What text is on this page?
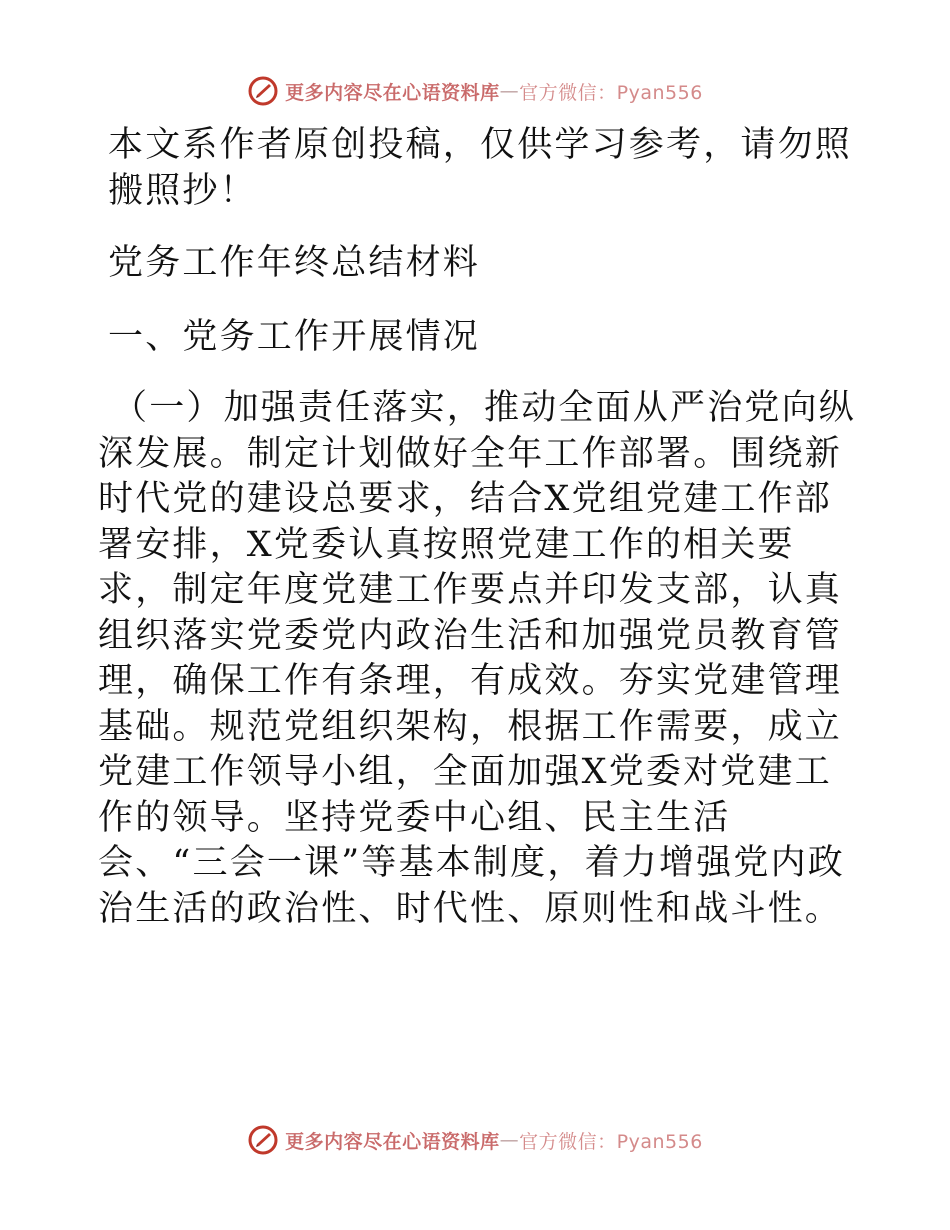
更多内容尽在心语资料库 — 官方微信：Pyan556

本文系作者原创投稿，仅供学习参考，请勿照搬照抄！

党务工作年终总结材料

一、党务工作开展情况

（一）加强责任落实，推动全面从严治党向纵深发展。制定计划做好全年工作部署。围绕新时代党的建设总要求，结合X党组党建工作部署安排，X党委认真按照党建工作的相关要求，制定年度党建工作要点并印发支部，认真组织落实党委党内政治生活和加强党员教育管理，确保工作有条理，有成效。夯实党建管理基础。规范党组织架构，根据工作需要，成立党建工作领导小组，全面加强X党委对党建工作的领导。坚持党委中心组、民主生活会、“三会一课”等基本制度，着力增强党内政治生活的政治性、时代性、原则性和战斗性。

更多内容尽在心语资料库 — 官方微信：Pyan556
